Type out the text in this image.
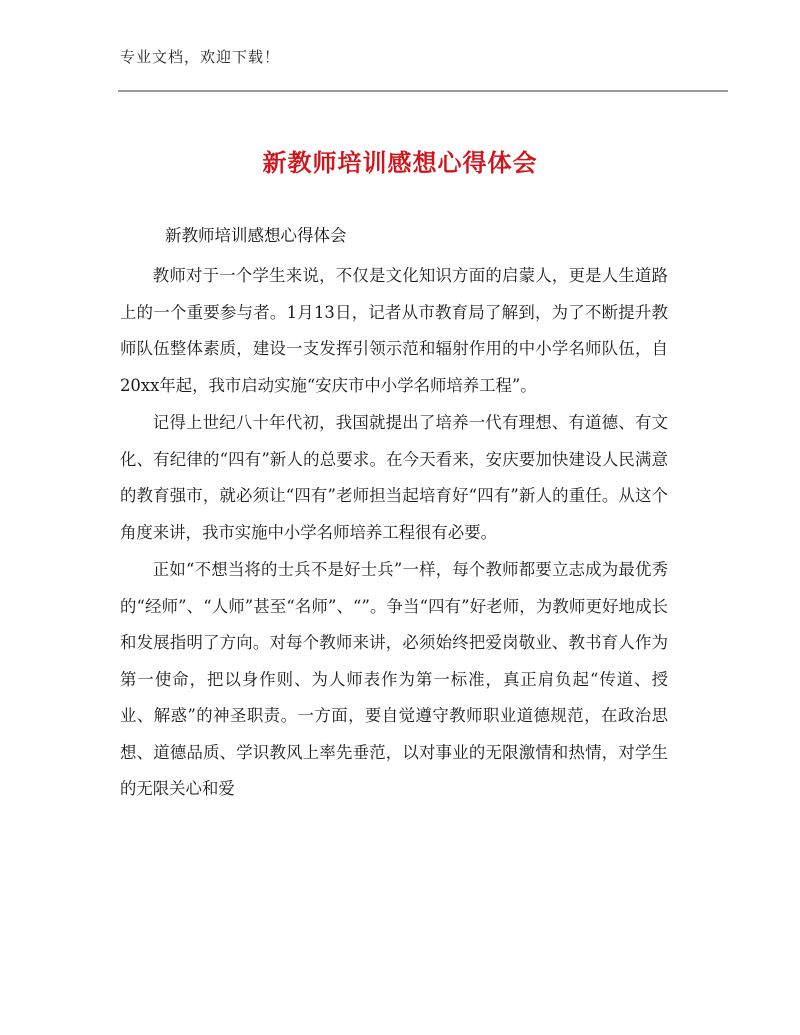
专业文档，欢迎下载！
新教师培训感想心得体会
新教师培训感想心得体会

教师对于一个学生来说，不仅是文化知识方面的启蒙人，更是人生道路上的一个重要参与者。1月13日，记者从市教育局了解到，为了不断提升教师队伍整体素质，建设一支发挥引领示范和辐射作用的中小学名师队伍，自20xx年起，我市启动实施“安庆市中小学名师培养工程”。

记得上世纪八十年代初，我国就提出了培养一代有理想、有道德、有文化、有纪律的“四有”新人的总要求。在今天看来，安庆要加快建设人民满意的教育强市，就必须让“四有”老师担当起培育好“四有”新人的重任。从这个角度来讲，我市实施中小学名师培养工程很有必要。

正如“不想当将的士兵不是好士兵”一样，每个教师都要立志成为最优秀的“经师”、“人师”甚至“名师”、“”。争当“四有”好老师，为教师更好地成长和发展指明了方向。对每个教师来讲，必须始终把爱岗敬业、教书育人作为第一使命，把以身作则、为人师表作为第一标准，真正肩负起“传道、授业、解惑”的神圣职责。一方面，要自觉遵守教师职业道德规范，在政治思想、道德品质、学识教风上率先垂范，以对事业的无限激情和热情，对学生的无限关心和爱
